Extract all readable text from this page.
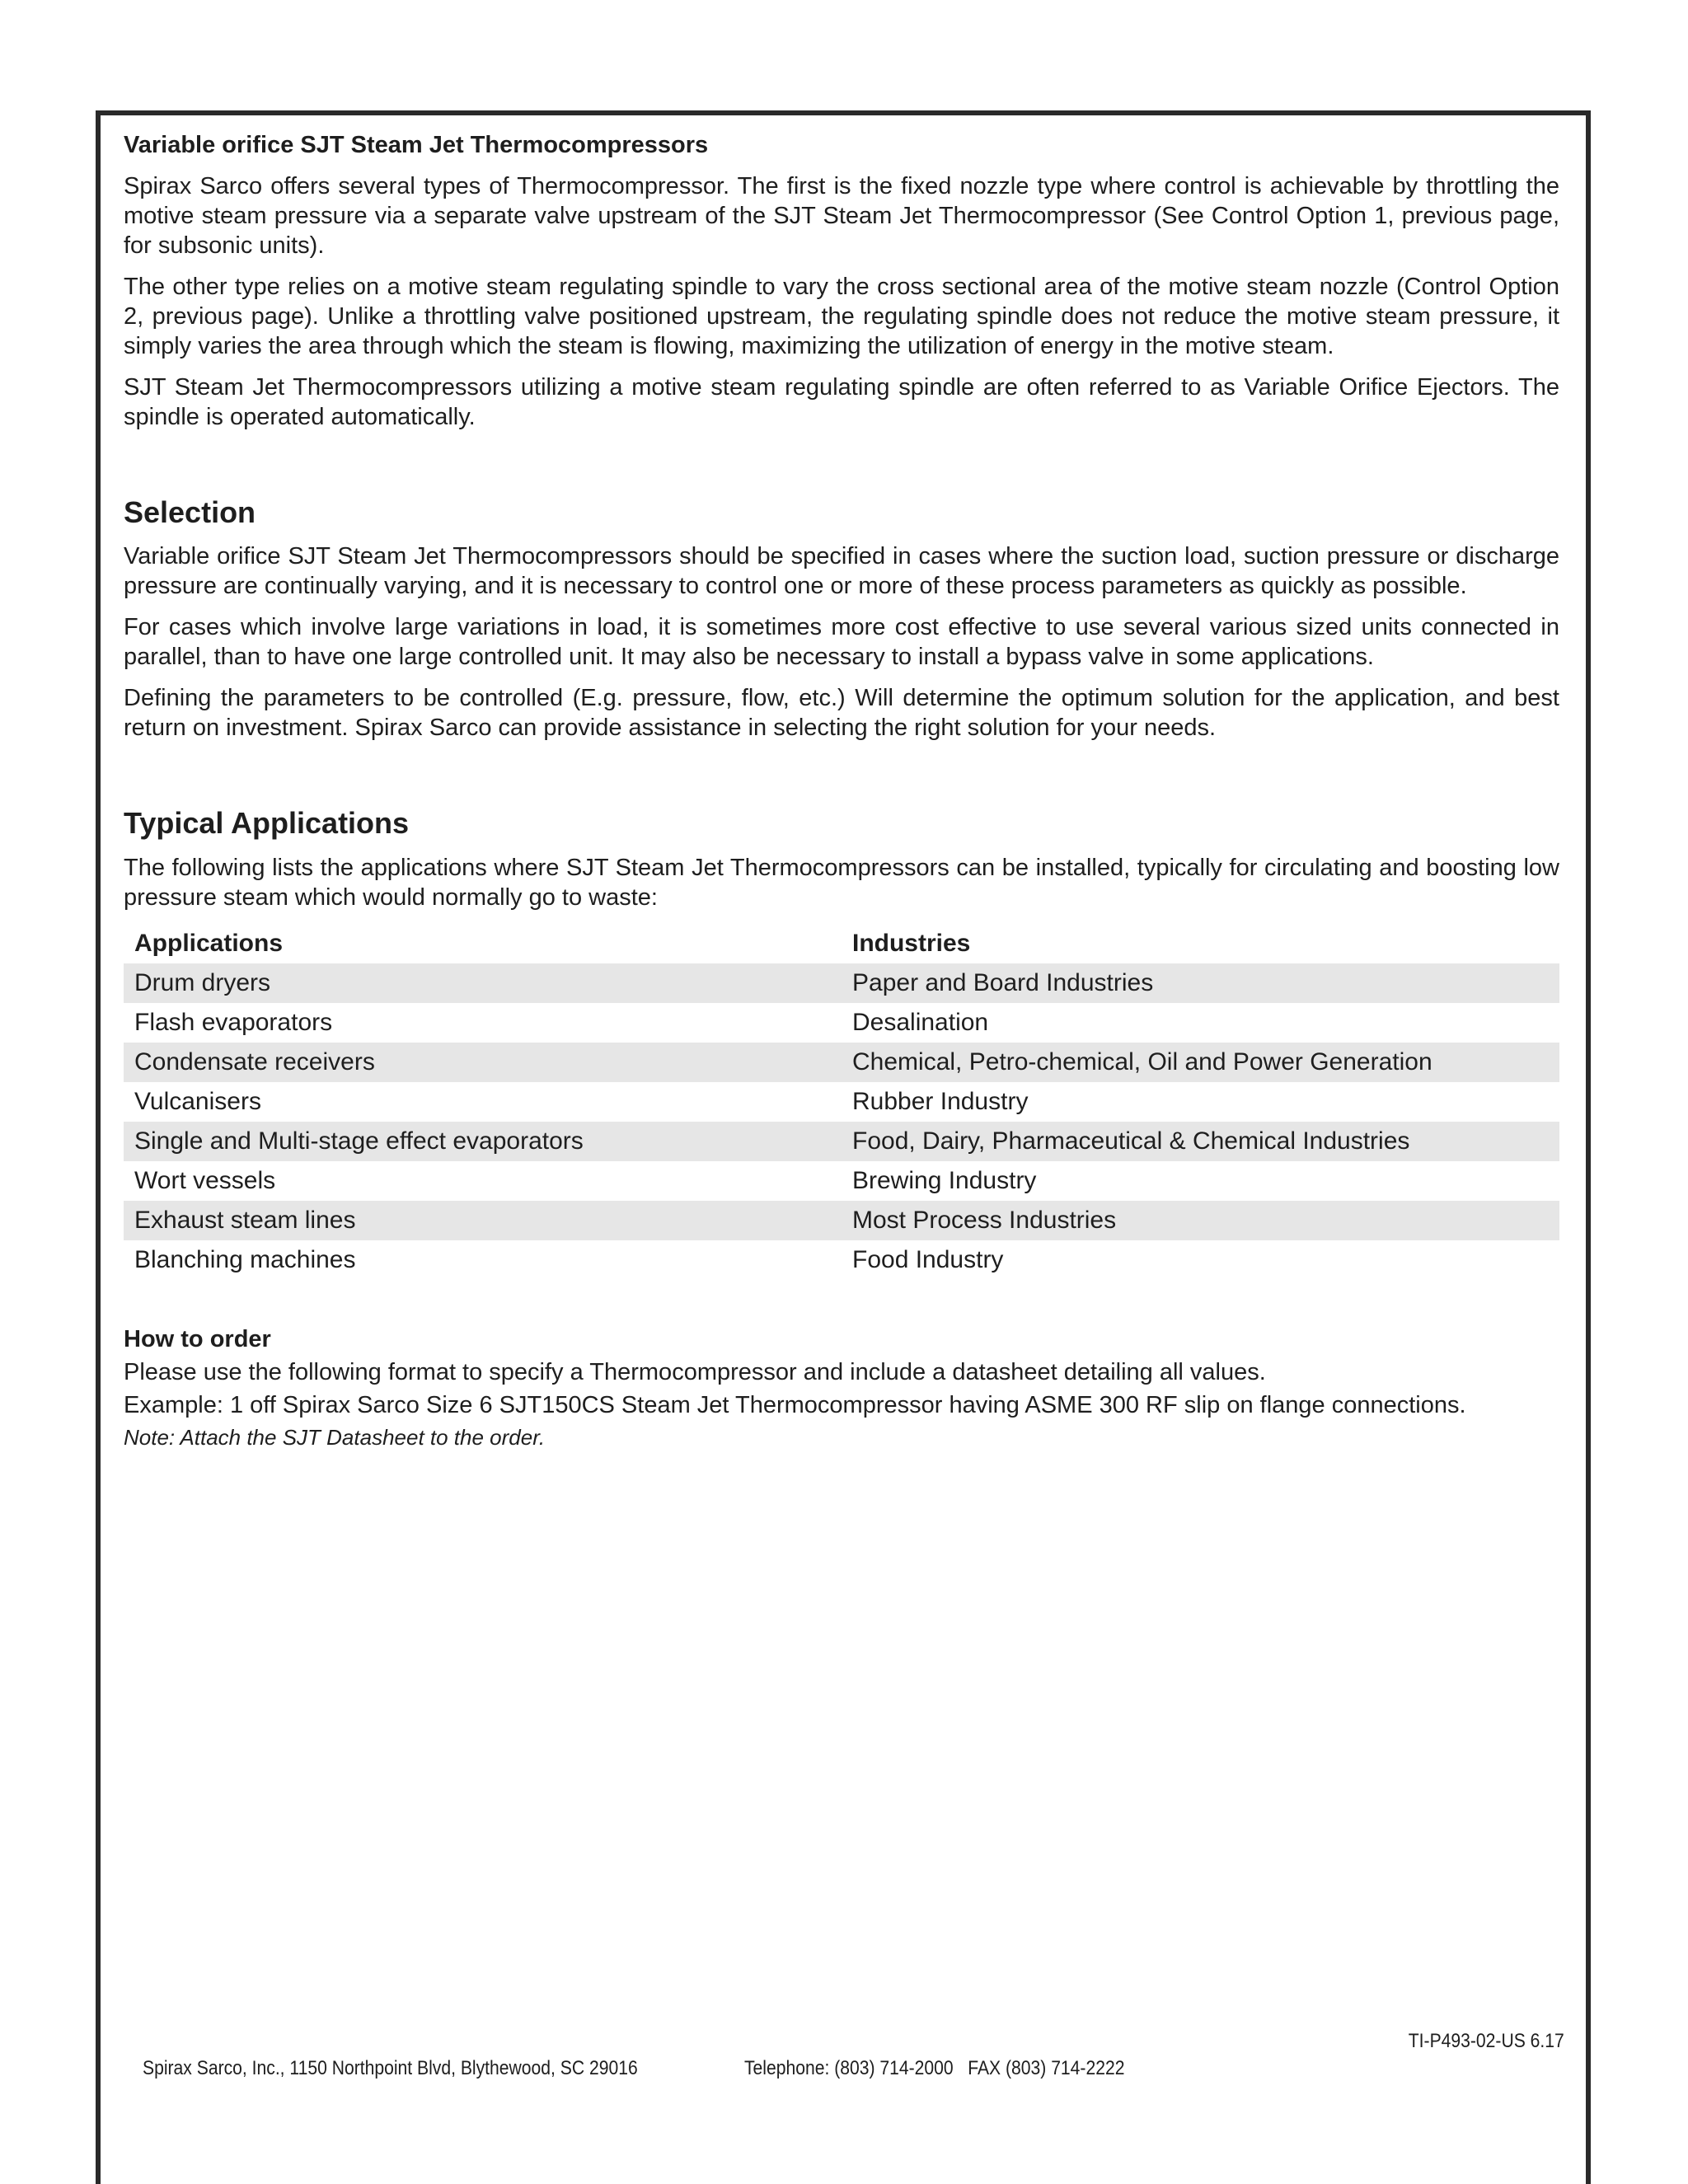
Variable orifice SJT Steam Jet Thermocompressors

Spirax Sarco offers several types of Thermocompressor. The first is the fixed nozzle type where control is achievable by throttling the motive steam pressure via a separate valve upstream of the SJT Steam Jet Thermocompressor (See Control Option 1, previous page, for subsonic units).

The other type relies on a motive steam regulating spindle to vary the cross sectional area of the motive steam nozzle (Control Option 2, previous page). Unlike a throttling valve positioned upstream, the regulating spindle does not reduce the motive steam pressure, it simply varies the area through which the steam is flowing, maximizing the utilization of energy in the motive steam.

SJT Steam Jet Thermocompressors utilizing a motive steam regulating spindle are often referred to as Variable Orifice Ejectors. The spindle is operated automatically.

Selection

Variable orifice SJT Steam Jet Thermocompressors should be specified in cases where the suction load, suction pressure or discharge pressure are continually varying, and it is necessary to control one or more of these process parameters as quickly as possible.

For cases which involve large variations in load, it is sometimes more cost effective to use several various sized units connected in parallel, than to have one large controlled unit. It may also be necessary to install a bypass valve in some applications.

Defining the parameters to be controlled (E.g. pressure, flow, etc.) Will determine the optimum solution for the application, and best return on investment. Spirax Sarco can provide assistance in selecting the right solution for your needs.

Typical Applications

The following lists the applications where SJT Steam Jet Thermocompressors can be installed, typically for circulating and boosting low pressure steam which would normally go to waste:

Applications	Industries
Drum dryers	Paper and Board Industries
Flash evaporators	Desalination
Condensate receivers	Chemical, Petro-chemical, Oil and Power Generation
Vulcanisers	Rubber Industry
Single and Multi-stage effect evaporators	Food, Dairy, Pharmaceutical & Chemical Industries
Wort vessels	Brewing Industry
Exhaust steam lines	Most Process Industries
Blanching machines	Food Industry

How to order

Please use the following format to specify a Thermocompressor and include a datasheet detailing all values.

Example: 1 off Spirax Sarco Size 6 SJT150CS Steam Jet Thermocompressor having ASME 300 RF slip on flange connections.

Note: Attach the SJT Datasheet to the order.

TI-P493-02-US 6.17
Spirax Sarco, Inc., 1150 Northpoint Blvd, Blythewood, SC 29016	Telephone: (803) 714-2000   FAX (803) 714-2222
